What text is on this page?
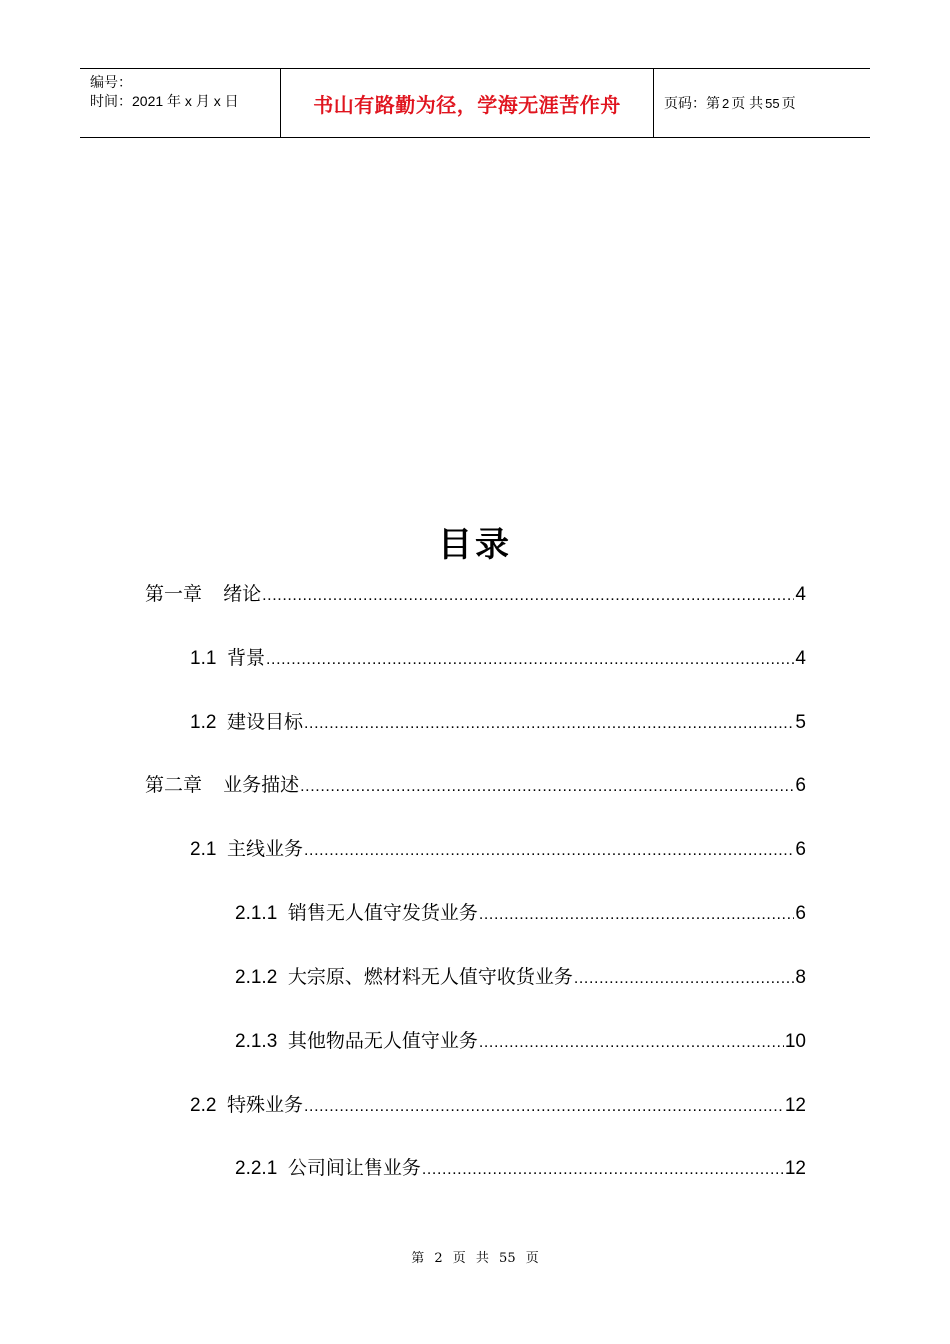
编号：
时间：2021 年 x 月 x 日	书山有路勤为径，学海无涯苦作舟	页码：第 2 页 共 55 页
目录
第一章 绪论 .....	4
1.1 背景 .....	4
1.2 建设目标 .....	5
第二章 业务描述 .....	6
2.1 主线业务 .....	6
2.1.1 销售无人值守发货业务 .....	6
2.1.2 大宗原、燃材料无人值守收货业务 .....	8
2.1.3 其他物品无人值守业务 .....	10
2.2 特殊业务 .....	12
2.2.1 公司间让售业务 .....	12
第 2 页 共 55 页
